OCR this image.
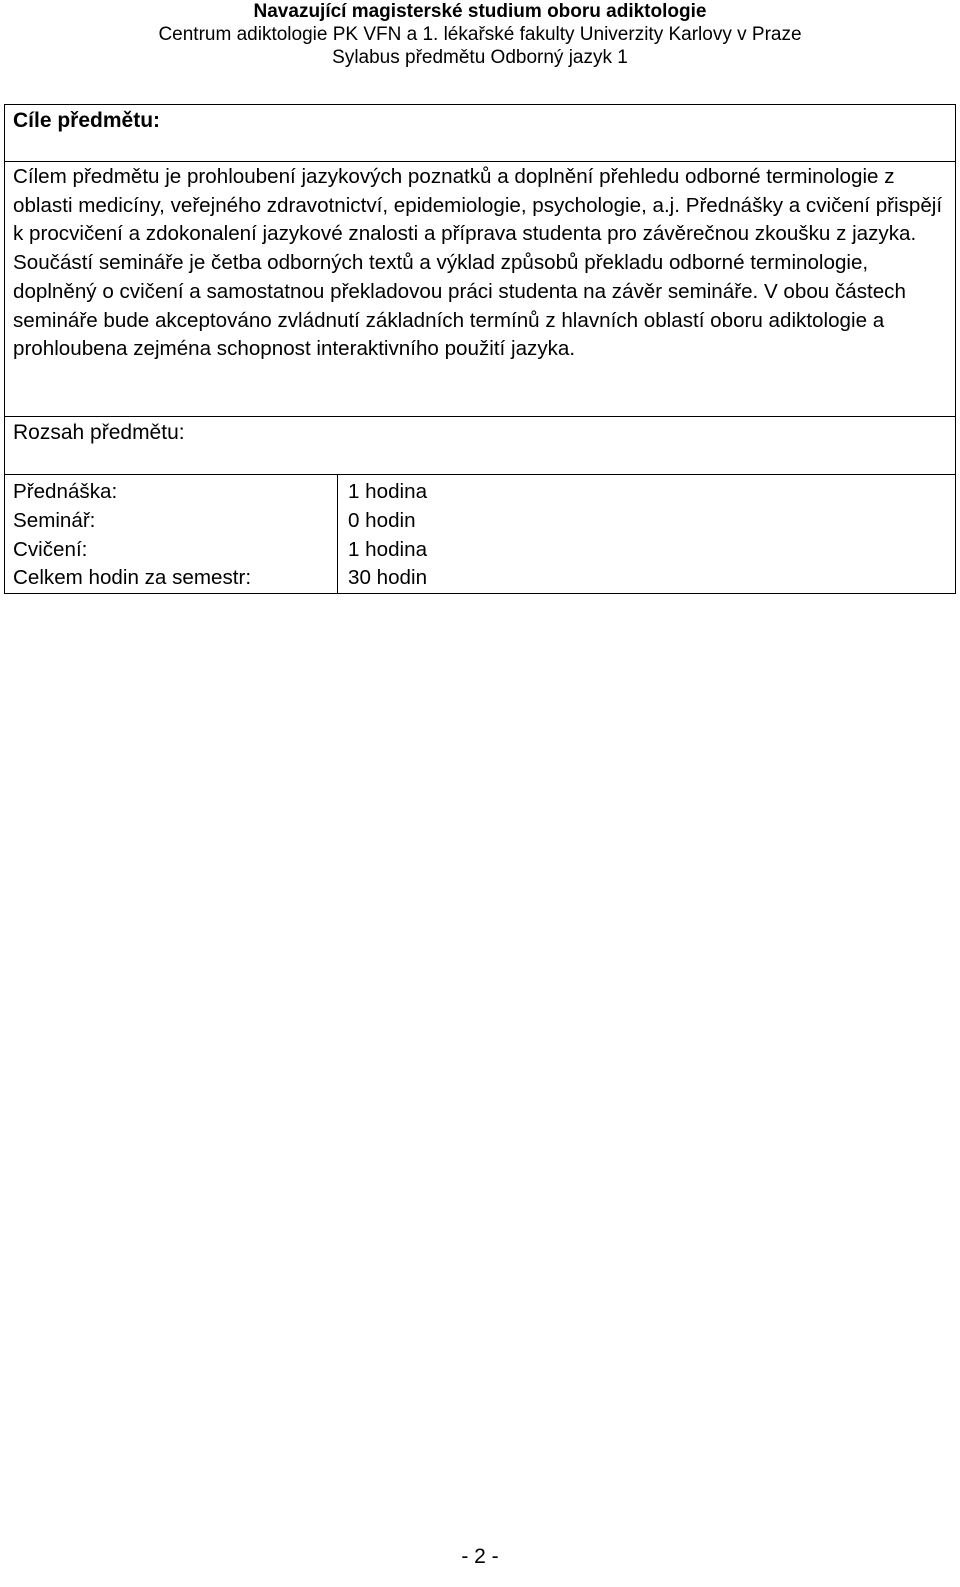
Navazující magisterské studium oboru adiktologie
Centrum adiktologie PK VFN a 1. lékařské fakulty Univerzity Karlovy v Praze
Sylabus předmětu Odborný jazyk 1
Cíle předmětu:
Cílem předmětu je prohloubení jazykových poznatků a doplnění přehledu odborné terminologie z oblasti medicíny, veřejného zdravotnictví, epidemiologie, psychologie, a.j. Přednášky a cvičení přispějí k procvičení a zdokonalení jazykové znalosti a příprava studenta pro závěrečnou zkoušku z jazyka. Součástí semináře je četba odborných textů a výklad způsobů překladu odborné terminologie, doplněný o cvičení a samostatnou překladovou práci studenta na závěr semináře. V obou částech semináře bude akceptováno zvládnutí základních termínů z hlavních oblastí oboru adiktologie a prohloubena zejména schopnost interaktivního použití jazyka.
Rozsah předmětu:
Přednáška:	1 hodina
Seminář:	0 hodin
Cvičení:	1 hodina
Celkem hodin za semestr:	30 hodin
- 2 -
